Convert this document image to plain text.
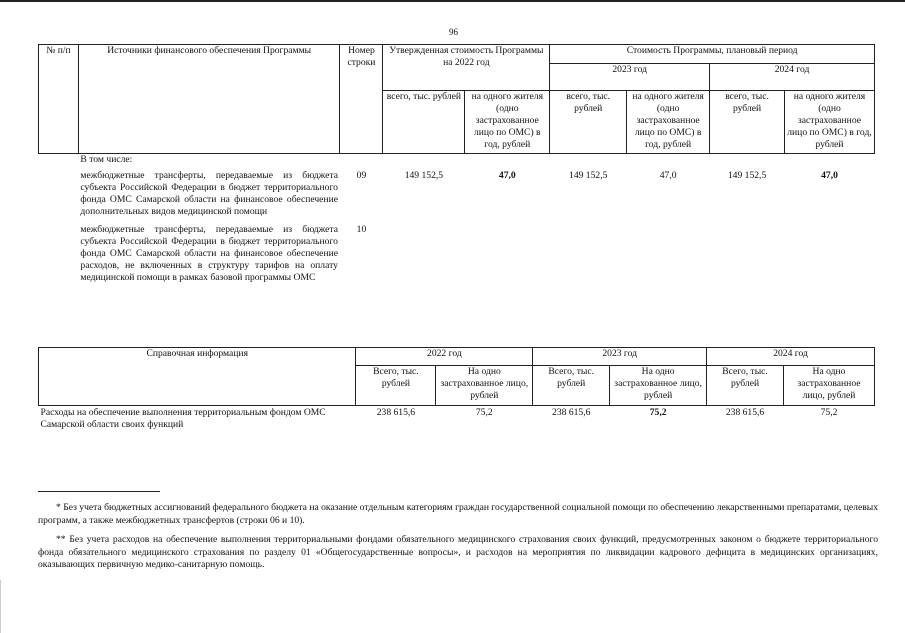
96
№ п/п	Источники финансового обеспечения Программы	Номер строки	Утвержденная стоимость Программы на 2022 год		Стоимость Программы, плановый период			
					2023 год		2024 год	
			всего, тыс. рублей	на одного жителя (одно застрахованное лицо по ОМС) в год, рублей	всего, тыс. рублей	на одного жителя (одно застрахованное лицо по ОМС) в год, рублей	всего, тыс. рублей	на одного жителя (одно застрахованное лицо по ОМС) в год, рублей
	В том числе:							
	межбюджетные трансферты, передаваемые из бюджета субъекта Российской Федерации в бюджет территориального фонда ОМС Самарской области на финансовое обеспечение дополнительных видов медицинской помощи	09	149 152,5	47,0	149 152,5	47,0	149 152,5	47,0
	межбюджетные трансферты, передаваемые из бюджета субъекта Российской Федерации в бюджет территориального фонда ОМС Самарской области на финансовое обеспечение расходов, не включенных в структуру тарифов на оплату медицинской помощи в рамках базовой программы ОМС	10						
Справочная информация	2022 год		2023 год		2024 год	
	Всего, тыс. рублей	На одно застрахованное лицо, рублей	Всего, тыс. рублей	На одно застрахованное лицо, рублей	Всего, тыс. рублей	На одно застрахованное лицо, рублей
Расходы на обеспечение выполнения территориальным фондом ОМС Самарской области своих функций	238 615,6	75,2	238 615,6	75,2	238 615,6	75,2
* Без учета бюджетных ассигнований федерального бюджета на оказание отдельным категориям граждан государственной социальной помощи по обеспечению лекарственными препаратами, целевых программ, а также межбюджетных трансфертов (строки 06 и 10).
** Без учета расходов на обеспечение выполнения территориальными фондами обязательного медицинского страхования своих функций, предусмотренных законом о бюджете территориального фонда обязательного медицинского страхования по разделу 01 «Общегосударственные вопросы», и расходов на мероприятия по ликвидации кадрового дефицита в медицинских организациях, оказывающих первичную медико-санитарную помощь.
